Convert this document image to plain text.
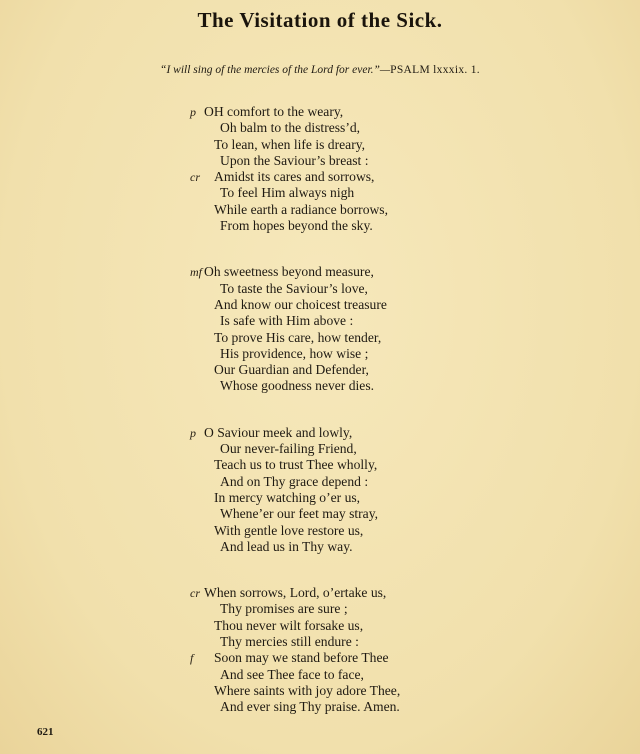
The Visitation of the Sick.
“I will sing of the mercies of the Lord for ever.”—PSALM lxxxix. 1.
p OH comfort to the weary,
Oh balm to the distress’d,
To lean, when life is dreary,
Upon the Saviour’s breast :
cr Amidst its cares and sorrows,
To feel Him always nigh
While earth a radiance borrows,
From hopes beyond the sky.
mf Oh sweetness beyond measure,
To taste the Saviour’s love,
And know our choicest treasure
Is safe with Him above :
To prove His care, how tender,
His providence, how wise ;
Our Guardian and Defender,
Whose goodness never dies.
p O Saviour meek and lowly,
Our never-failing Friend,
Teach us to trust Thee wholly,
And on Thy grace depend :
In mercy watching o’er us,
Whene’er our feet may stray,
With gentle love restore us,
And lead us in Thy way.
cr When sorrows, Lord, o’ertake us,
Thy promises are sure ;
Thou never wilt forsake us,
Thy mercies still endure :
f Soon may we stand before Thee
And see Thee face to face,
Where saints with joy adore Thee,
And ever sing Thy praise. Amen.
621
